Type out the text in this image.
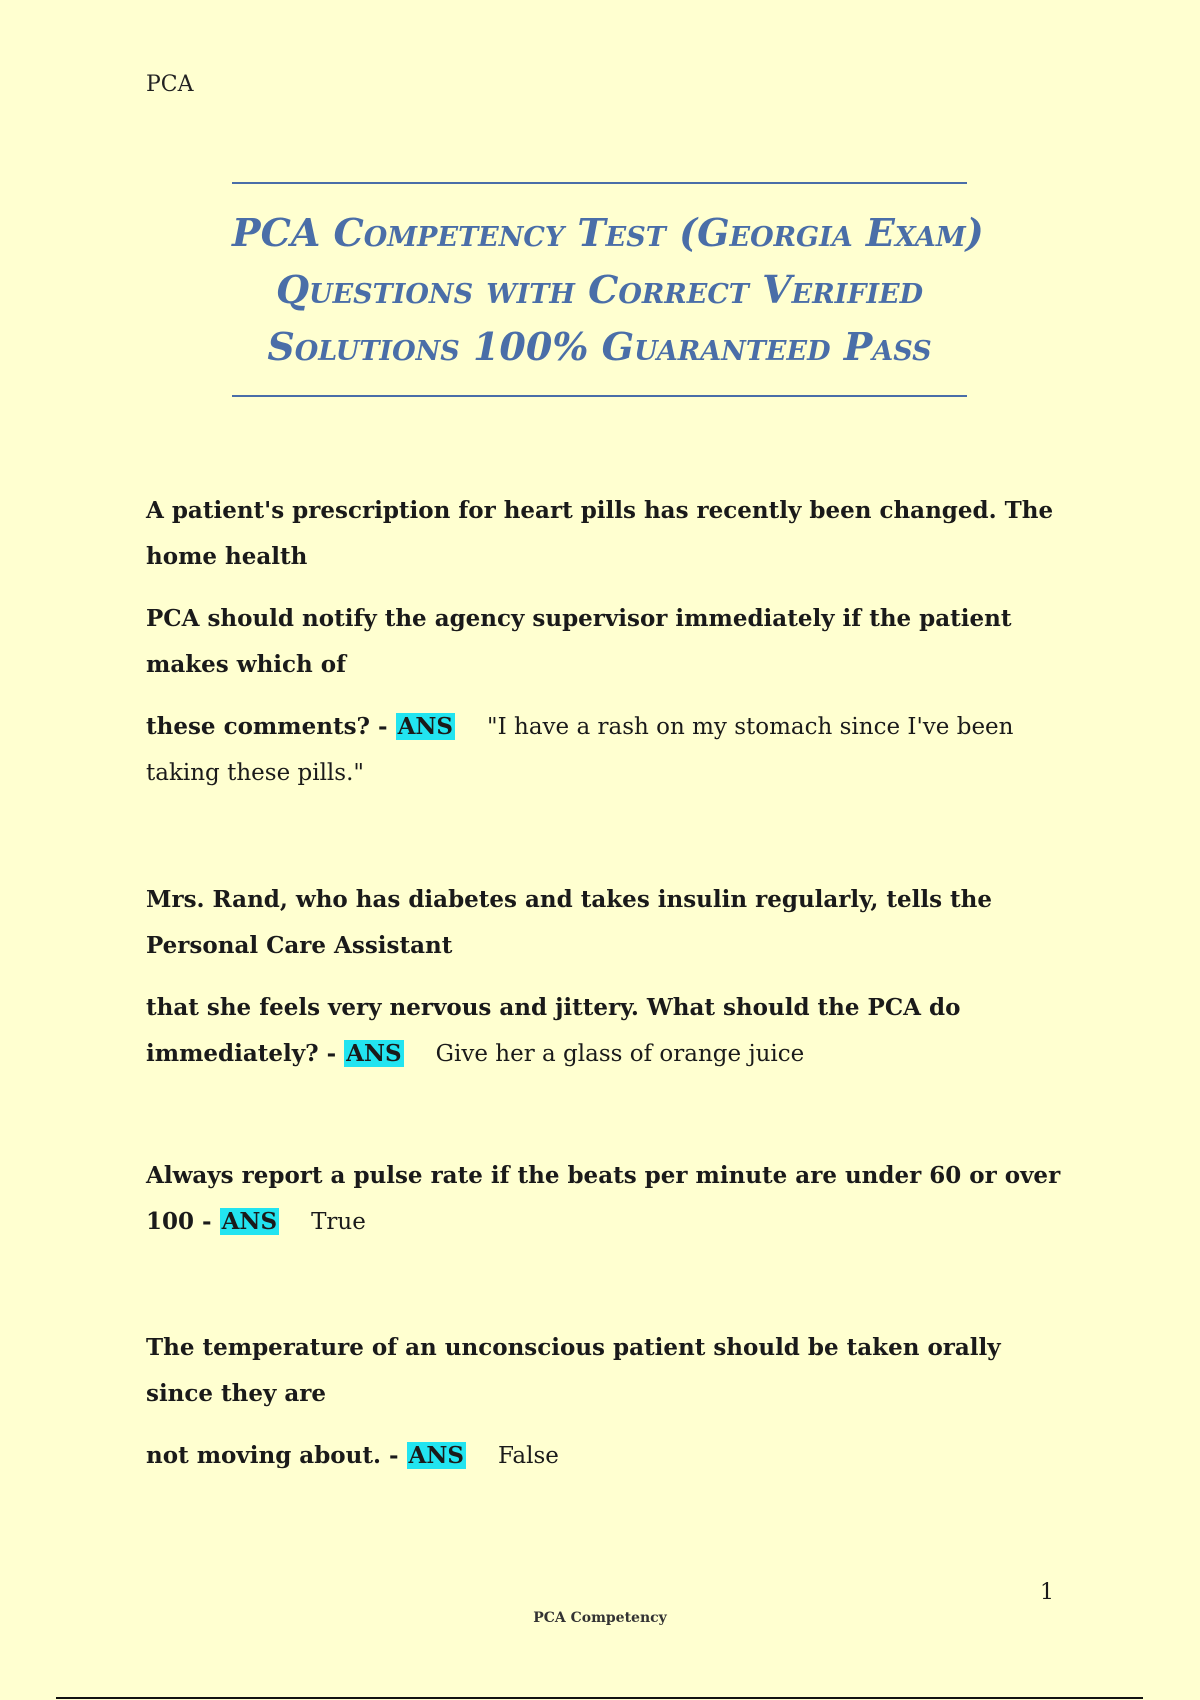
PCA
PCA Competency Test (Georgia Exam)
Questions with Correct Verified
Solutions 100% Guaranteed Pass

A patient's prescription for heart pills has recently been changed. The home health

PCA should notify the agency supervisor immediately if the patient makes which of

these comments? - ANS "I have a rash on my stomach since I've been taking these pills."

Mrs. Rand, who has diabetes and takes insulin regularly, tells the Personal Care Assistant

that she feels very nervous and jittery. What should the PCA do immediately? - ANS Give her a glass of orange juice

Always report a pulse rate if the beats per minute are under 60 or over 100 - ANS True

The temperature of an unconscious patient should be taken orally since they are

not moving about. - ANS False

1
PCA Competency
